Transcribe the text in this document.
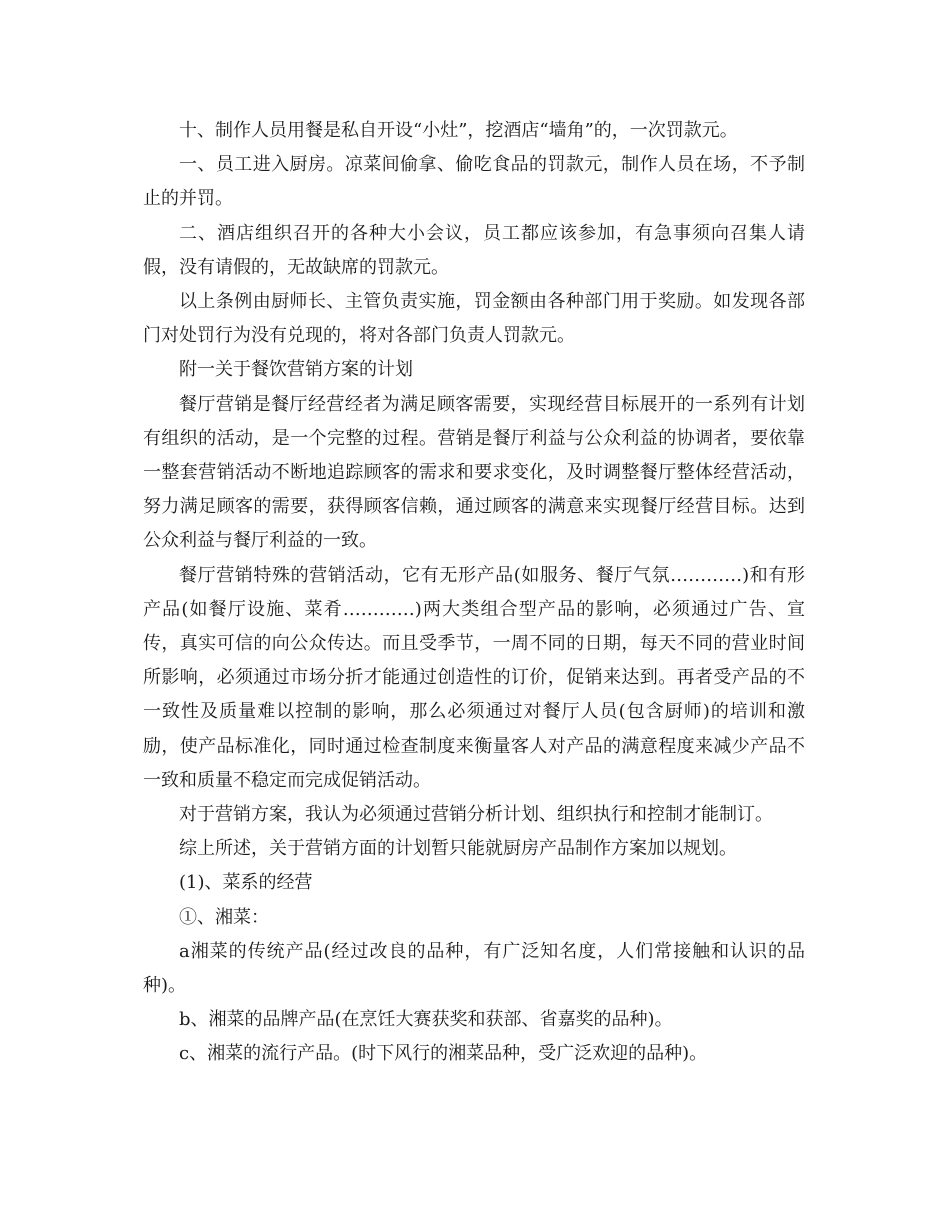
十、制作人员用餐是私自开设“小灶”，挖酒店“墙角”的，一次罚款元。

一、员工进入厨房。凉菜间偷拿、偷吃食品的罚款元，制作人员在场，不予制止的并罚。

二、酒店组织召开的各种大小会议，员工都应该参加，有急事须向召集人请假，没有请假的，无故缺席的罚款元。

以上条例由厨师长、主管负责实施，罚金额由各种部门用于奖励。如发现各部门对处罚行为没有兑现的，将对各部门负责人罚款元。

附一关于餐饮营销方案的计划

餐厅营销是餐厅经营经者为满足顾客需要，实现经营目标展开的一系列有计划有组织的活动，是一个完整的过程。营销是餐厅利益与公众利益的协调者，要依靠一整套营销活动不断地追踪顾客的需求和要求变化，及时调整餐厅整体经营活动，努力满足顾客的需要，获得顾客信赖，通过顾客的满意来实现餐厅经营目标。达到公众利益与餐厅利益的一致。

餐厅营销特殊的营销活动，它有无形产品(如服务、餐厅气氛…………)和有形产品(如餐厅设施、菜肴…………)两大类组合型产品的影响，必须通过广告、宣传，真实可信的向公众传达。而且受季节，一周不同的日期，每天不同的营业时间所影响，必须通过市场分折才能通过创造性的订价，促销来达到。再者受产品的不一致性及质量难以控制的影响，那么必须通过对餐厅人员(包含厨师)的培训和激励，使产品标准化，同时通过检查制度来衡量客人对产品的满意程度来减少产品不一致和质量不稳定而完成促销活动。

对于营销方案，我认为必须通过营销分析计划、组织执行和控制才能制订。

综上所述，关于营销方面的计划暂只能就厨房产品制作方案加以规划。

(1)、菜系的经营

①、湘菜：

a湘菜的传统产品(经过改良的品种，有广泛知名度，人们常接触和认识的品种)。

b、湘菜的品牌产品(在烹饪大赛获奖和获部、省嘉奖的品种)。

c、湘菜的流行产品。(时下风行的湘菜品种，受广泛欢迎的品种)。
